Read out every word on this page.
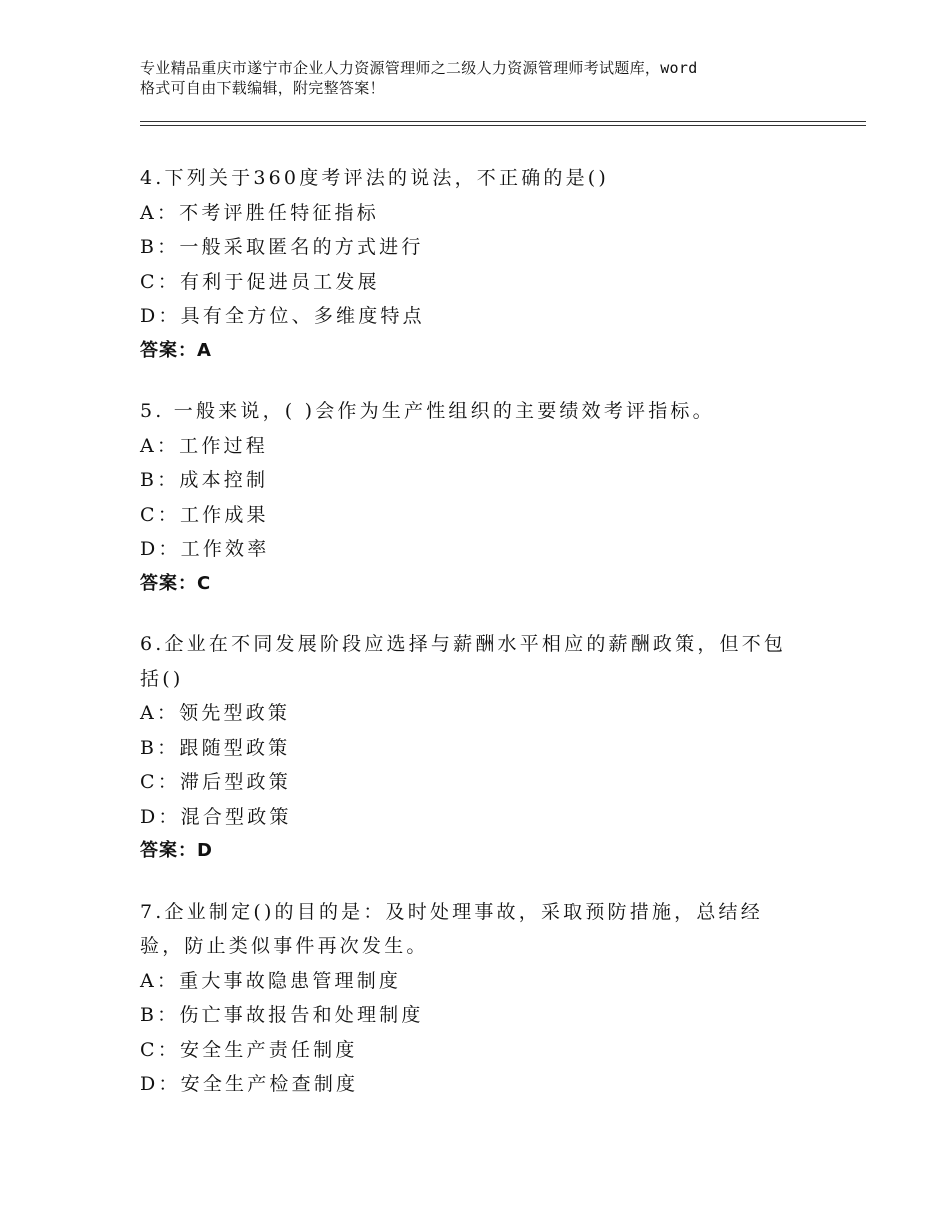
专业精品重庆市遂宁市企业人力资源管理师之二级人力资源管理师考试题库，word
格式可自由下载编辑，附完整答案！
4.下列关于360度考评法的说法，不正确的是()
A：不考评胜任特征指标
B：一般采取匿名的方式进行
C：有利于促进员工发展
D：具有全方位、多维度特点
答案：A
5. 一般来说，( )会作为生产性组织的主要绩效考评指标。
A：工作过程
B：成本控制
C：工作成果
D：工作效率
答案：C
6.企业在不同发展阶段应选择与薪酬水平相应的薪酬政策，但不包括()
A：领先型政策
B：跟随型政策
C：滞后型政策
D：混合型政策
答案：D
7.企业制定()的目的是：及时处理事故，采取预防措施，总结经验，防止类似事件再次发生。
A：重大事故隐患管理制度
B：伤亡事故报告和处理制度
C：安全生产责任制度
D：安全生产检查制度
